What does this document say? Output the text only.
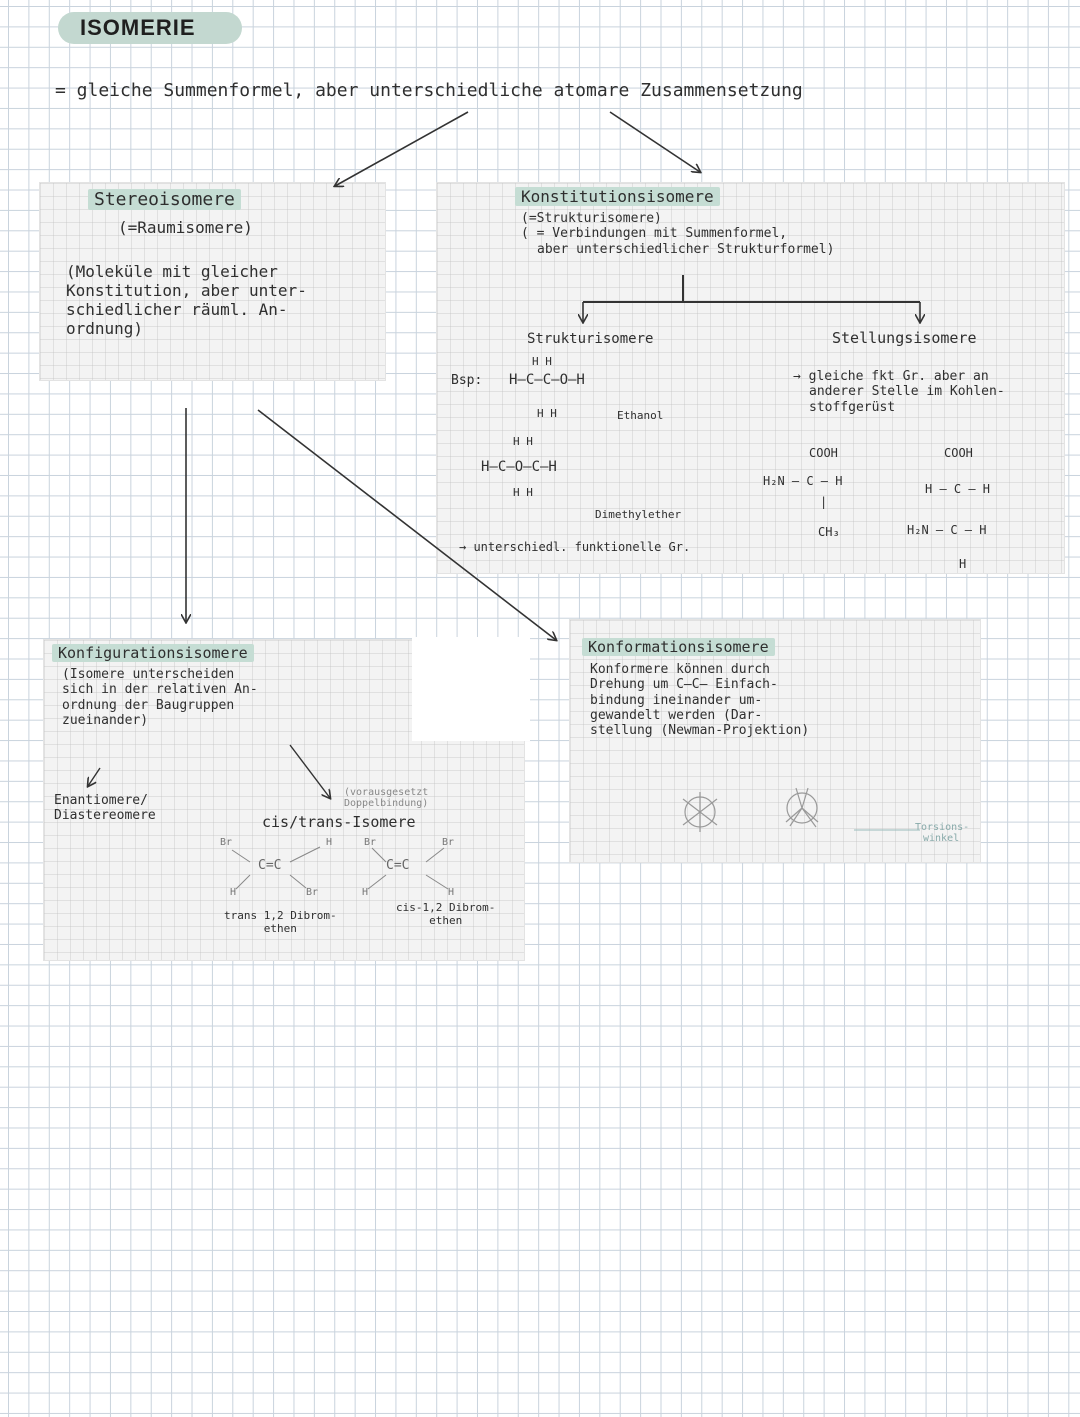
ISOMERIE
= gleiche Summenformel, aber unterschiedliche atomare Zusammensetzung
Stereoisomere
(=Raumisomere)
(Moleküle mit gleicher
Konstitution, aber unter-
schiedlicher räuml. An-
ordnung)
Konstitutionsisomere
(=Strukturisomere)
( = Verbindungen mit Summenformel,
aber unterschiedlicher Strukturformel)
Strukturisomere
H H
Bsp: H–C–C–O–H
H H	Ethanol
H H
H–C–O–C–H
H H
Dimethylether
→ unterschiedl. funktionelle Gr.
Stellungsisomere
→ gleiche fkt Gr. aber an
anderer Stelle im Kohlen-
stoffgerüst
COOH
H₂N – C – H
|
CH₃
COOH
H – C – H
H₂N – C – H
H
Konfigurationsisomere
(Isomere unterscheiden
sich in der relativen An-
ordnung der Baugruppen
zueinander)
Enantiomere/
Diastereomere
(vorausgesetzt Doppelbindung)
cis/trans-Isomere
Br	H
C=C
H	Br
trans 1,2 Dibrom-
ethen
Br	Br
C=C
H	H
cis-1,2 Dibrom-
ethen
Konformationsisomere
Konformere können durch
Drehung um C–C– Einfach-
bindung ineinander um-
gewandelt werden (Dar-
stellung (Newman-Projektion)
Torsions-
winkel
